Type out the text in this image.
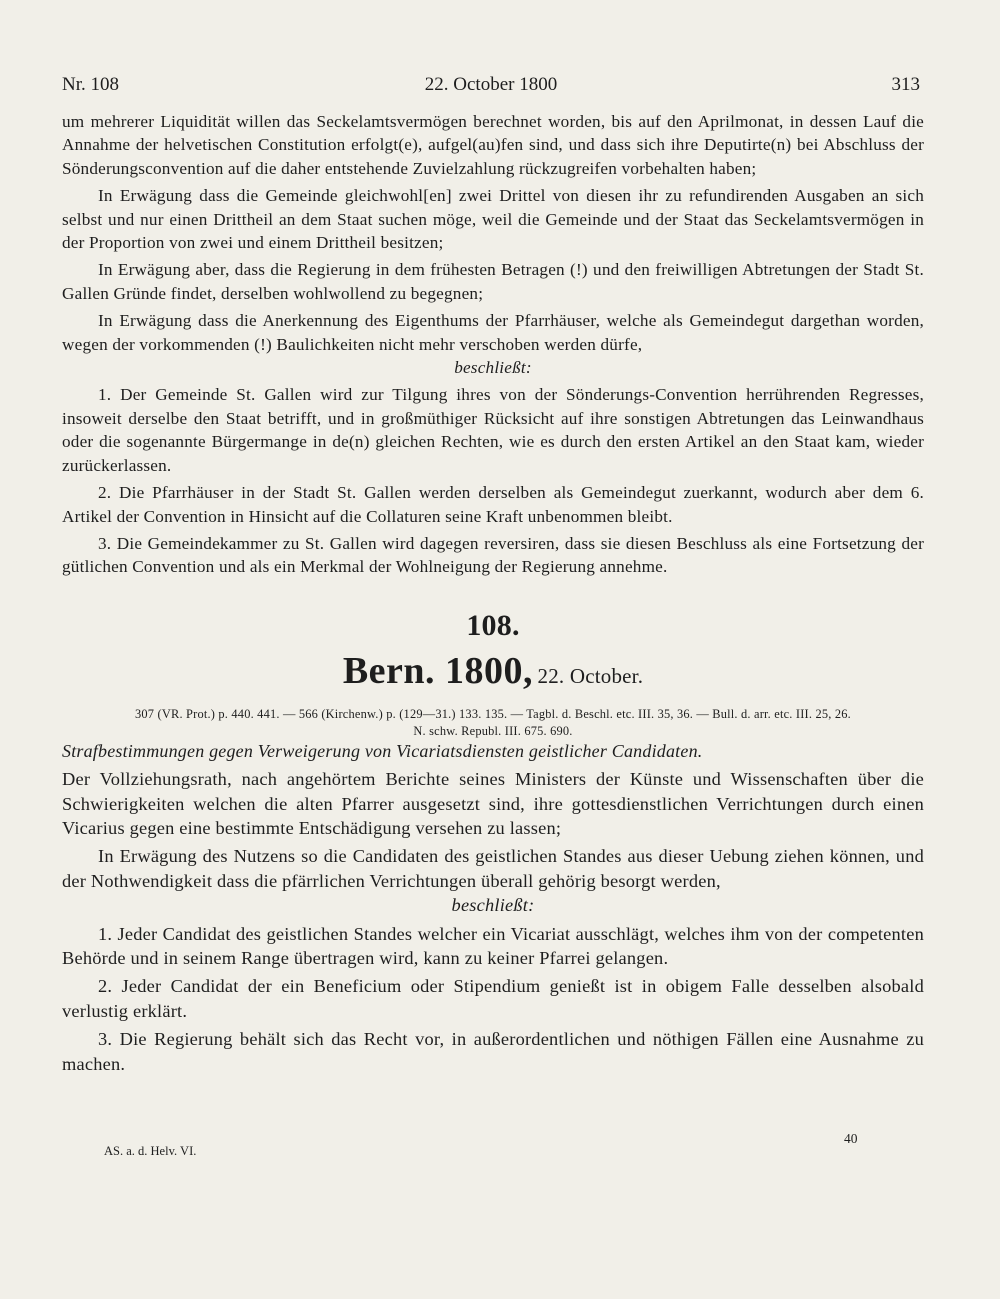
Nr. 108	22. October 1800	313

um mehrerer Liquidität willen das Seckelamtsvermögen berechnet worden, bis auf den Aprilmonat, in dessen Lauf die Annahme der helvetischen Constitution erfolgt(e), aufgel(au)fen sind, und dass sich ihre Deputirte(n) bei Abschluss der Sönderungsconvention auf die daher entstehende Zuvielzahlung rückzugreifen vorbehalten haben;

In Erwägung dass die Gemeinde gleichwohl[en] zwei Drittel von diesen ihr zu refundirenden Ausgaben an sich selbst und nur einen Drittheil an dem Staat suchen möge, weil die Gemeinde und der Staat das Seckelamtsvermögen in der Proportion von zwei und einem Drittheil besitzen;

In Erwägung aber, dass die Regierung in dem frühesten Betragen (!) und den freiwilligen Abtretungen der Stadt St. Gallen Gründe findet, derselben wohlwollend zu begegnen;

In Erwägung dass die Anerkennung des Eigenthums der Pfarrhäuser, welche als Gemeindegut dargethan worden, wegen der vorkommenden (!) Baulichkeiten nicht mehr verschoben werden dürfe,

beschließt:

1. Der Gemeinde St. Gallen wird zur Tilgung ihres von der Sönderungs-Convention herrührenden Regresses, insoweit derselbe den Staat betrifft, und in großmüthiger Rücksicht auf ihre sonstigen Abtretungen das Leinwandhaus oder die sogenannte Bürgermange in de(n) gleichen Rechten, wie es durch den ersten Artikel an den Staat kam, wieder zurückerlassen.

2. Die Pfarrhäuser in der Stadt St. Gallen werden derselben als Gemeindegut zuerkannt, wodurch aber dem 6. Artikel der Convention in Hinsicht auf die Collaturen seine Kraft unbenommen bleibt.

3. Die Gemeindekammer zu St. Gallen wird dagegen reversiren, dass sie diesen Beschluss als eine Fortsetzung der gütlichen Convention und als ein Merkmal der Wohlneigung der Regierung annehme.

108.
Bern. 1800, 22. October.
307 (VR. Prot.) p. 440. 441. — 566 (Kirchenw.) p. (129—31.) 133. 135. — Tagbl. d. Beschl. etc. III. 35, 36. — Bull. d. arr. etc. III. 25, 26.
N. schw. Republ. III. 675. 690.

Strafbestimmungen gegen Verweigerung von Vicariatsdiensten geistlicher Candidaten.

Der Vollziehungsrath, nach angehörtem Berichte seines Ministers der Künste und Wissenschaften über die Schwierigkeiten welchen die alten Pfarrer ausgesetzt sind, ihre gottesdienstlichen Verrichtungen durch einen Vicarius gegen eine bestimmte Entschädigung versehen zu lassen;

In Erwägung des Nutzens so die Candidaten des geistlichen Standes aus dieser Uebung ziehen können, und der Nothwendigkeit dass die pfärrlichen Verrichtungen überall gehörig besorgt werden,

beschließt:

1. Jeder Candidat des geistlichen Standes welcher ein Vicariat ausschlägt, welches ihm von der competenten Behörde und in seinem Range übertragen wird, kann zu keiner Pfarrei gelangen.

2. Jeder Candidat der ein Beneficium oder Stipendium genießt ist in obigem Falle desselben alsobald verlustig erklärt.

3. Die Regierung behält sich das Recht vor, in außerordentlichen und nöthigen Fällen eine Ausnahme zu machen.

AS. a. d. Helv. VI.
40
